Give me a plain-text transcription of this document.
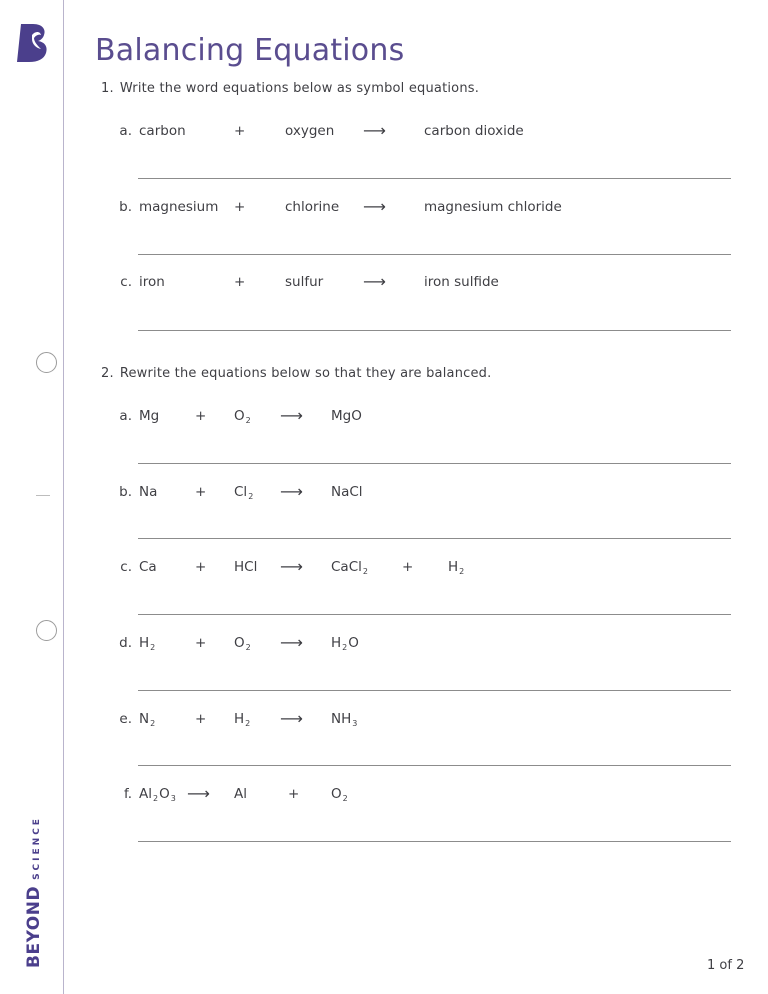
BEYONDSCIENCE
Balancing Equations
1. Write the word equations below as symbol equations.
a. carbon	+	oxygen ⟶	carbon dioxide
b. magnesium +	chlorine ⟶	magnesium chloride
c. iron	+	sulfur ⟶	iron sulfide
2. Rewrite the equations below so that they are balanced.
a. Mg	+ $O_2$ ⟶ MgO
b. Na	+ $Cl_2$ ⟶ NaCl
c. Ca	+ HCl ⟶ CaCl$_2$	+	$H_2$
d. $H_2$	+ $O_2$ ⟶ $H_2O$
e. $N_2$	+ $H_2$ ⟶ $NH_3$
f. $Al_2O_3$ ⟶ Al	+ $O_2$
1 of 2
